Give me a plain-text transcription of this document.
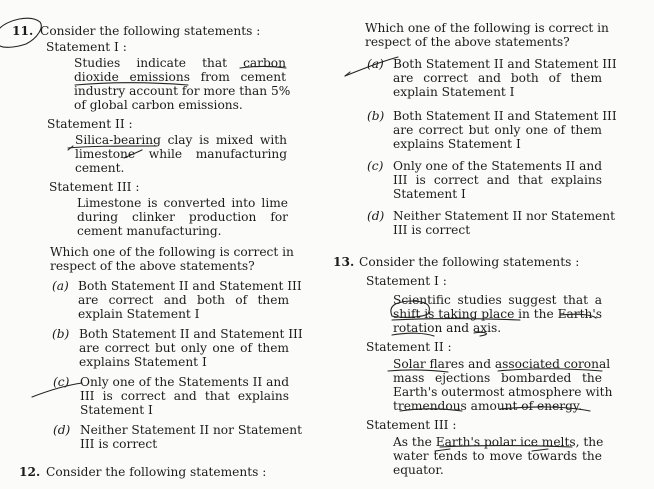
11. Consider the following statements :
Statement I :
Studies indicate that carbon
dioxide emissions from cement
industry account for more than 5%
of global carbon emissions.
Statement II :
Silica-bearing clay is mixed with
limestone while manufacturing
cement.
Statement III :
Limestone is converted into lime
during clinker production for
cement manufacturing.
Which one of the following is correct in
respect of the above statements?
(a) Both Statement II and Statement III
are correct and both of them
explain Statement I
(b) Both Statement II and Statement III
are correct but only one of them
explains Statement I
(c) Only one of the Statements II and
III is correct and that explains
Statement I
(d) Neither Statement II nor Statement
III is correct
12. Consider the following statements :
Which one of the following is correct in
respect of the above statements?
(a) Both Statement II and Statement III
are correct and both of them
explain Statement I
(b) Both Statement II and Statement III
are correct but only one of them
explains Statement I
(c) Only one of the Statements II and
III is correct and that explains
Statement I
(d) Neither Statement II nor Statement
III is correct
13. Consider the following statements :
Statement I :
Scientific studies suggest that a
shift is taking place in the Earth's
rotation and axis.
Statement II :
Solar flares and associated coronal
mass ejections bombarded the
Earth's outermost atmosphere with
tremendous amount of energy.
Statement III :
As the Earth's polar ice melts, the
water tends to move towards the
equator.
